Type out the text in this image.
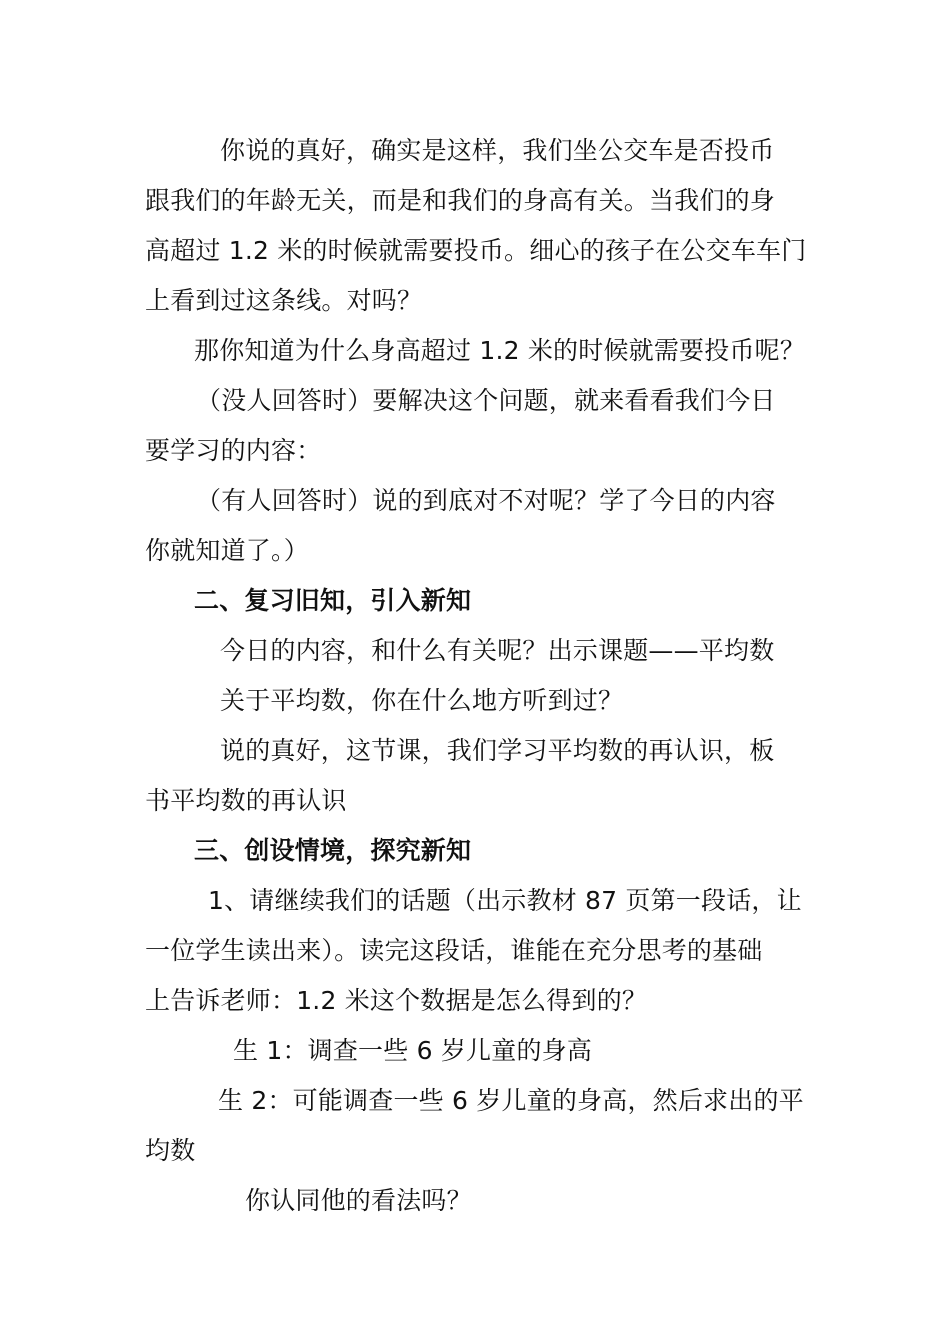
你说的真好，确实是这样，我们坐公交车是否投币
跟我们的年龄无关，而是和我们的身高有关。当我们的身
高超过 1.2 米的时候就需要投币。细心的孩子在公交车车门
上看到过这条线。对吗？
那你知道为什么身高超过 1.2 米的时候就需要投币呢？
（没人回答时）要解决这个问题，就来看看我们今日
要学习的内容：
（有人回答时）说的到底对不对呢？学了今日的内容
你就知道了。）
二、复习旧知，引入新知
今日的内容，和什么有关呢？出示课题——平均数
关于平均数，你在什么地方听到过？
说的真好，这节课，我们学习平均数的再认识，板
书平均数的再认识
三、创设情境，探究新知
1、请继续我们的话题（出示教材 87 页第一段话，让
一位学生读出来）。读完这段话，谁能在充分思考的基础
上告诉老师：1.2 米这个数据是怎么得到的？
生 1：调查一些 6 岁儿童的身高
生 2：可能调查一些 6 岁儿童的身高，然后求出的平
均数
你认同他的看法吗？
